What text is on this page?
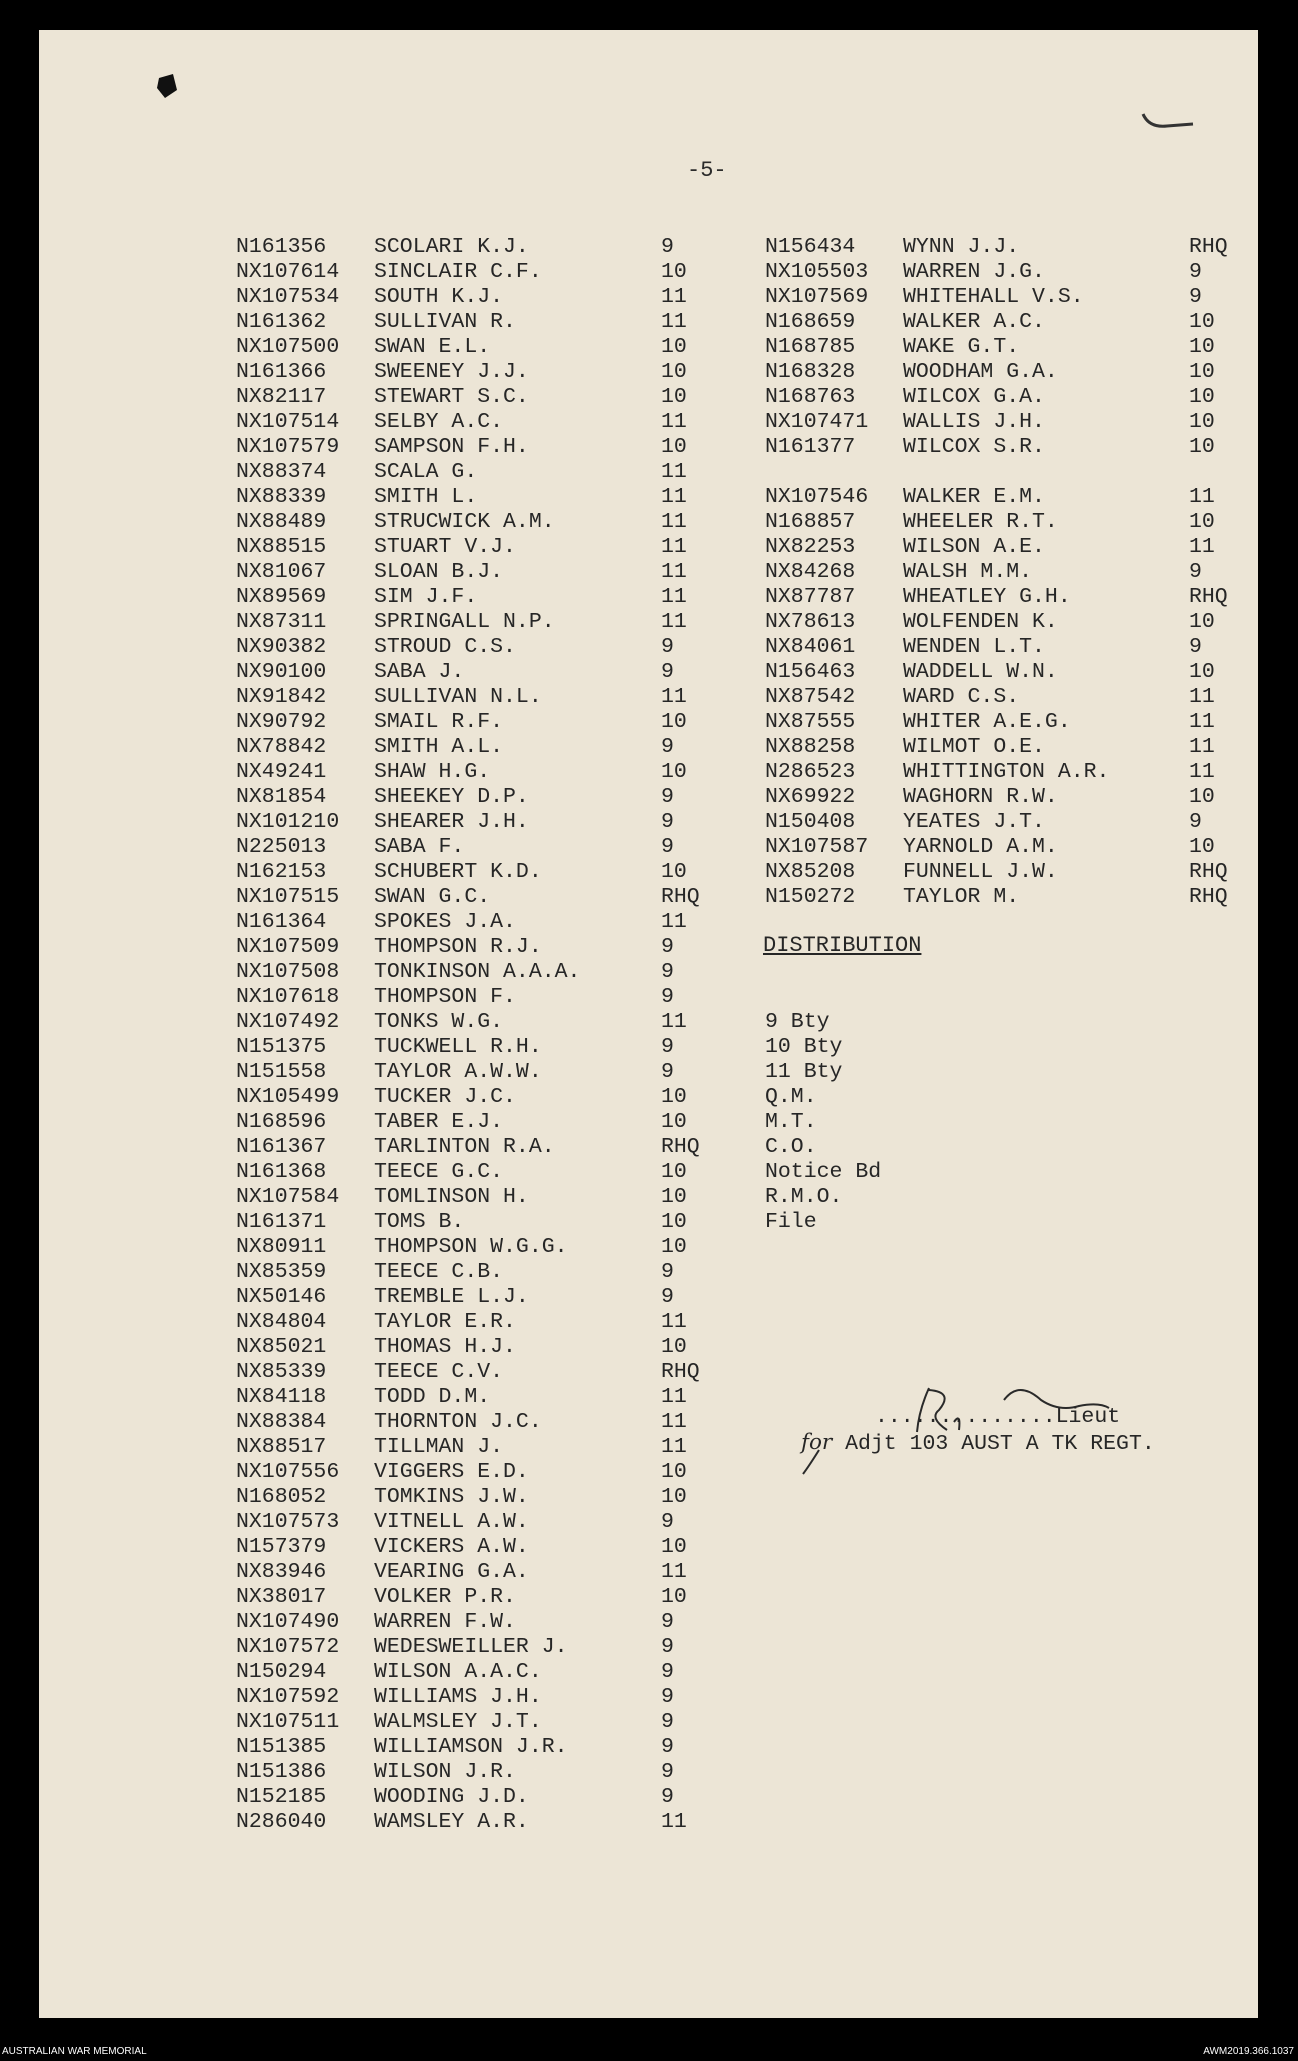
-5-
N161356 SCOLARI K.J.	9
NX107614 SINCLAIR C.F.	10
NX107534 SOUTH K.J.	11
N161362 SULLIVAN R.	11
NX107500 SWAN E.L.	10
N161366 SWEENEY J.J.	10
NX82117 STEWART S.C.	10
NX107514 SELBY A.C.	11
NX107579 SAMPSON F.H.	10
NX88374 SCALA G.	11
NX88339 SMITH L.	11
NX88489 STRUCWICK A.M.	11
NX88515 STUART V.J.	11
NX81067 SLOAN B.J.	11
NX89569 SIM J.F.	11
NX87311 SPRINGALL N.P.	11
NX90382 STROUD C.S.	9
NX90100 SABA J.	9
NX91842 SULLIVAN N.L.	11
NX90792 SMAIL R.F.	10
NX78842 SMITH A.L.	9
NX49241 SHAW H.G.	10
NX81854 SHEEKEY D.P.	9
NX101210 SHEARER J.H.	9
N225013 SABA F.	9
N162153 SCHUBERT K.D.	10
NX107515 SWAN G.C.	RHQ
N161364 SPOKES J.A.	11
NX107509 THOMPSON R.J.	9
NX107508 TONKINSON A.A.A.	9
NX107618 THOMPSON F.	9
NX107492 TONKS W.G.	11
N151375 TUCKWELL R.H.	9
N151558 TAYLOR A.W.W.	9
NX105499 TUCKER J.C.	10
N168596 TABER E.J.	10
N161367 TARLINTON R.A.	RHQ
N161368 TEECE G.C.	10
NX107584 TOMLINSON H.	10
N161371 TOMS B.	10
NX80911 THOMPSON W.G.G.	10
NX85359 TEECE C.B.	9
NX50146 TREMBLE L.J.	9
NX84804 TAYLOR E.R.	11
NX85021 THOMAS H.J.	10
NX85339 TEECE C.V.	RHQ
NX84118 TODD D.M.	11
NX88384 THORNTON J.C.	11
NX88517 TILLMAN J.	11
NX107556 VIGGERS E.D.	10
N168052 TOMKINS J.W.	10
NX107573 VITNELL A.W.	9
N157379 VICKERS A.W.	10
NX83946 VEARING G.A.	11
NX38017 VOLKER P.R.	10
NX107490 WARREN F.W.	9
NX107572 WEDESWEILLER J.	9
N150294 WILSON A.A.C.	9
NX107592 WILLIAMS J.H.	9
NX107511 WALMSLEY J.T.	9
N151385 WILLIAMSON J.R.	9
N151386 WILSON J.R.	9
N152185 WOODING J.D.	9
N286040 WAMSLEY A.R.	11
N156434 WYNN J.J.	RHQ
NX105503 WARREN J.G.	9
NX107569 WHITEHALL V.S.	9
N168659 WALKER A.C.	10
N168785 WAKE G.T.	10
N168328 WOODHAM G.A.	10
N168763 WILCOX G.A.	10
NX107471 WALLIS J.H.	10
N161377 WILCOX S.R.	10
NX107546 WALKER E.M.	11
N168857 WHEELER R.T.	10
NX82253 WILSON A.E.	11
NX84268 WALSH M.M.	9
NX87787 WHEATLEY G.H.	RHQ
NX78613 WOLFENDEN K.	10
NX84061 WENDEN L.T.	9
N156463 WADDELL W.N.	10
NX87542 WARD C.S.	11
NX87555 WHITER A.E.G.	11
NX88258 WILMOT O.E.	11
N286523 WHITTINGTON A.R.	11
NX69922 WAGHORN R.W.	10
N150408 YEATES J.T.	9
NX107587 YARNOLD A.M.	10
NX85208 FUNNELL J.W.	RHQ
N150272 TAYLOR M.	RHQ
DISTRIBUTION
9 Bty
10 Bty
11 Bty
Q.M.
M.T.
C.O.
Notice Bd
R.M.O.
File
..............Lieut
for Adjt 103 AUST A TK REGT.
AUSTRALIAN WAR MEMORIAL	AWM2019.366.1037
